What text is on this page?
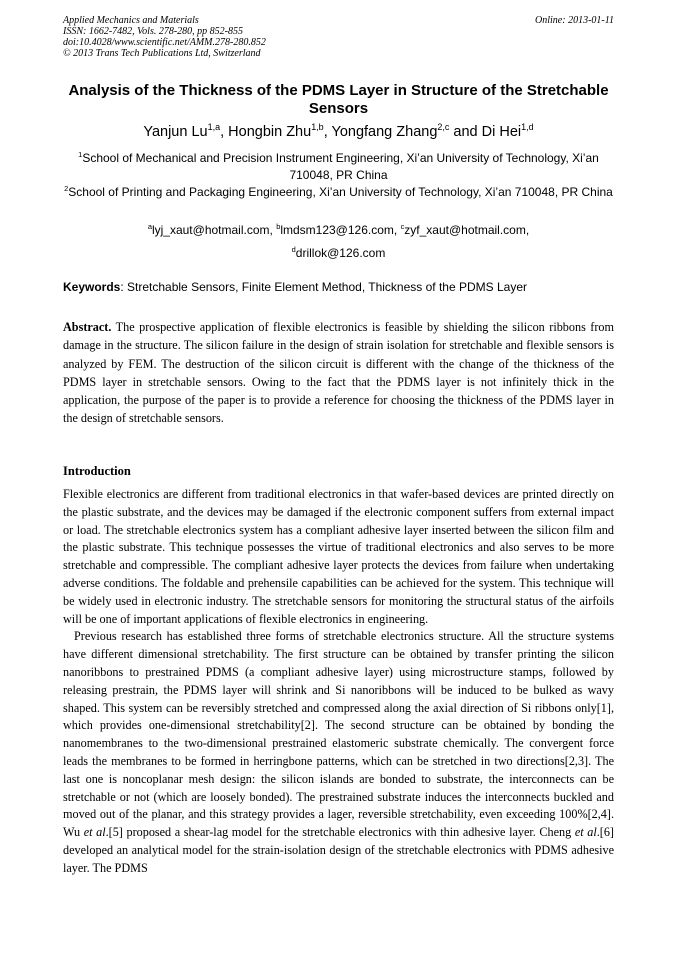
Applied Mechanics and Materials
ISSN: 1662-7482, Vols. 278-280, pp 852-855
doi:10.4028/www.scientific.net/AMM.278-280.852
© 2013 Trans Tech Publications Ltd, Switzerland
Online: 2013-01-11
Analysis of the Thickness of the PDMS Layer in Structure of the Stretchable Sensors
Yanjun Lu$^{1,a}$, Hongbin Zhu$^{1,b}$, Yongfang Zhang$^{2,c}$ and Di Hei$^{1,d}$
$^1$School of Mechanical and Precision Instrument Engineering, Xi’an University of Technology, Xi’an 710048, PR China
$^2$School of Printing and Packaging Engineering, Xi’an University of Technology, Xi’an 710048, PR China
$^a$lyj_xaut@hotmail.com, $^b$lmdsm123@126.com, $^c$zyf_xaut@hotmail.com,
$^d$drillok@126.com
Keywords: Stretchable Sensors, Finite Element Method, Thickness of the PDMS Layer
Abstract. The prospective application of flexible electronics is feasible by shielding the silicon ribbons from damage in the structure. The silicon failure in the design of strain isolation for stretchable and flexible sensors is analyzed by FEM. The destruction of the silicon circuit is different with the change of the thickness of the PDMS layer in stretchable sensors. Owing to the fact that the PDMS layer is not infinitely thick in the application, the purpose of the paper is to provide a reference for choosing the thickness of the PDMS layer in the design of stretchable sensors.
Introduction

Flexible electronics are different from traditional electronics in that wafer-based devices are printed directly on the plastic substrate, and the devices may be damaged if the electronic component suffers from external impact or load. The stretchable electronics system has a compliant adhesive layer inserted between the silicon film and the plastic substrate. This technique possesses the virtue of traditional electronics and also serves to be more stretchable and compressible. The compliant adhesive layer protects the devices from failure when undertaking adverse conditions. The foldable and prehensile capabilities can be achieved for the system. This technique will be widely used in electronic industry. The stretchable sensors for monitoring the structural status of the airfoils will be one of important applications of flexible electronics in engineering.

Previous research has established three forms of stretchable electronics structure. All the structure systems have different dimensional stretchability. The first structure can be obtained by transfer printing the silicon nanoribbons to prestrained PDMS (a compliant adhesive layer) using microstructure stamps, followed by releasing prestrain, the PDMS layer will shrink and Si nanoribbons will be induced to be bulked as wavy shaped. This system can be reversibly stretched and compressed along the axial direction of Si ribbons only[1], which provides one-dimensional stretchability[2]. The second structure can be obtained by bonding the nanomembranes to the two-dimensional prestrained elastomeric substrate chemically. The convergent force leads the membranes to be formed in herringbone patterns, which can be stretched in two directions[2,3]. The last one is noncoplanar mesh design: the silicon islands are bonded to substrate, the interconnects can be stretchable or not (which are loosely bonded). The prestrained substrate induces the interconnects buckled and moved out of the planar, and this strategy provides a lager, reversible stretchability, even exceeding 100%[2,4]. Wu et al.[5] proposed a shear-lag model for the stretchable electronics with thin adhesive layer. Cheng et al.[6] developed an analytical model for the strain-isolation design of the stretchable electronics with PDMS adhesive layer. The PDMS
